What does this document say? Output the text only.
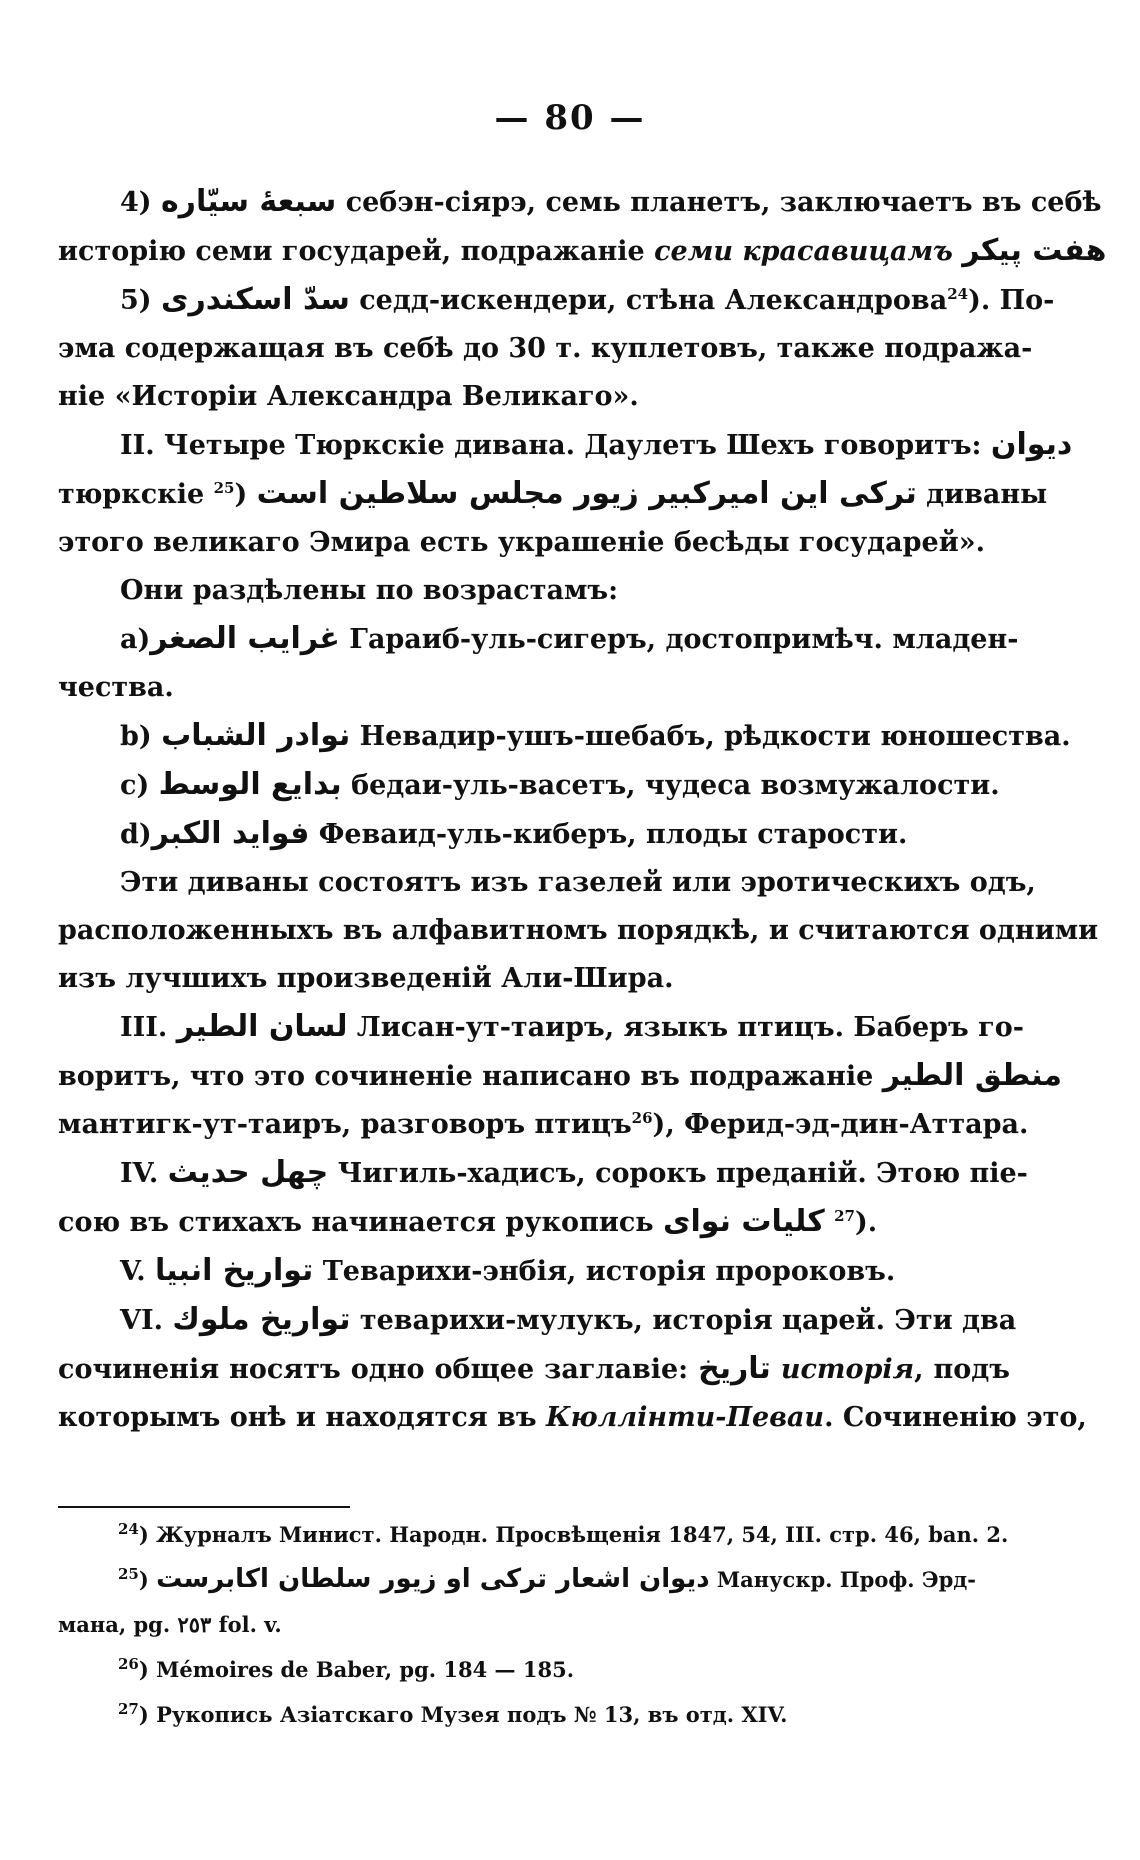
— 80 —
4) سبعهٔ سيّاره себэн-сіярэ, семь планетъ, заключаетъ въ себѣ
исторію семи государей, подражаніе семи красавицамъ هفت پيكر
5) سدّ اسكندرى седд-искендери, стѣна Александрова$^{24}$). По-
эма содержащая въ себѣ до 30 т. куплетовъ, также подража-
ніе «Исторіи Александра Великаго».
II. Четыре Тюркскіе дивана. Даулетъ Шехъ говоритъ: ديوان
тюркскіе $^{25}$) تركى اين اميركبير زيور مجلس سلاطين است диваны
этого великаго Эмира есть украшеніе бесѣды государей».
Они раздѣлены по возрастамъ:
a)غرايب الصغر Гараиб-уль-сигеръ, достопримѣч. младен-
чества.
b) نوادر الشباب Невадир-ушъ-шебабъ, рѣдкости юношества.
c) بدايع الوسط бедаи-уль-васетъ, чудеса возмужалости.
d)فوايد الكبر Феваид-уль-киберъ, плоды старости.
Эти диваны состоятъ изъ газелей или эротическихъ одъ,
расположенныхъ въ алфавитномъ порядкѣ, и считаются одними
изъ лучшихъ произведеній Али-Шира.
III. لسان الطير Лисан-ут-таиръ, языкъ птицъ. Баберъ го-
воритъ, что это сочиненіе написано въ подражаніе منطق الطير
мантигк-ут-таиръ, разговоръ птицъ$^{26}$), Ферид-эд-дин-Аттара.
IV. چهل حديث Чигиль-хадисъ, сорокъ преданій. Этою піе-
сою въ стихахъ начинается рукопись كليات نواى $^{27}$).
V. تواريخ انبيا Теварихи-энбія, исторія пророковъ.
VI. تواريخ ملوك теварихи-мулукъ, исторія царей. Эти два
сочиненія носятъ одно общее заглавіе: تاريخ исторія, подъ
которымъ онѣ и находятся въ Кюллінти-Певаи. Сочиненію это,
$^{24}$) Журналъ Минист. Народн. Просвѣщенія 1847, 54, III. стр. 46, ban. 2.
$^{25}$) ديوان اشعار تركى او زيور سلطان اكابرست Манускр. Проф. Эрд-
мана, pg. ٢٥٣ fol. v.
$^{26}$) Mémoires de Baber, pg. 184 — 185.
$^{27}$) Рукопись Азіатскаго Музея подъ № 13, въ отд. XIV.
